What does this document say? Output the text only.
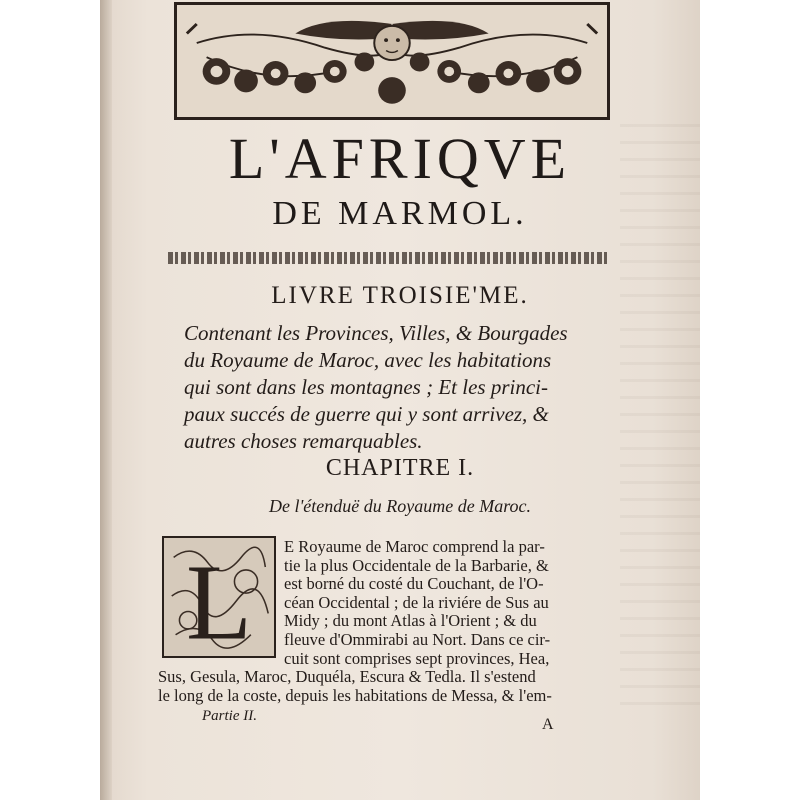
L'AFRIQVE
DE MARMOL.
LIVRE TROISIE'ME.
Contenant les Provinces, Villes, & Bourgades
du Royaume de Maroc, avec les habitations
qui sont dans les montagnes ; Et les princi-
paux succés de guerre qui y sont arrivez, &
autres choses remarquables.
CHAPITRE I.
De l'étenduë du Royaume de Maroc.
L E Royaume de Maroc comprend la par-
tie la plus Occidentale de la Barbarie, &
est borné du costé du Couchant, de l'O-
céan Occidental ; de la riviére de Sus au
Midy ; du mont Atlas à l'Orient ; & du
fleuve d'Ommirabi au Nort. Dans ce cir-
cuit sont comprises sept provinces, Hea,
Sus, Gesula, Maroc, Duquéla, Escura & Tedla. Il s'estend
le long de la coste, depuis les habitations de Messa, & l'em-
Partie II.	A
